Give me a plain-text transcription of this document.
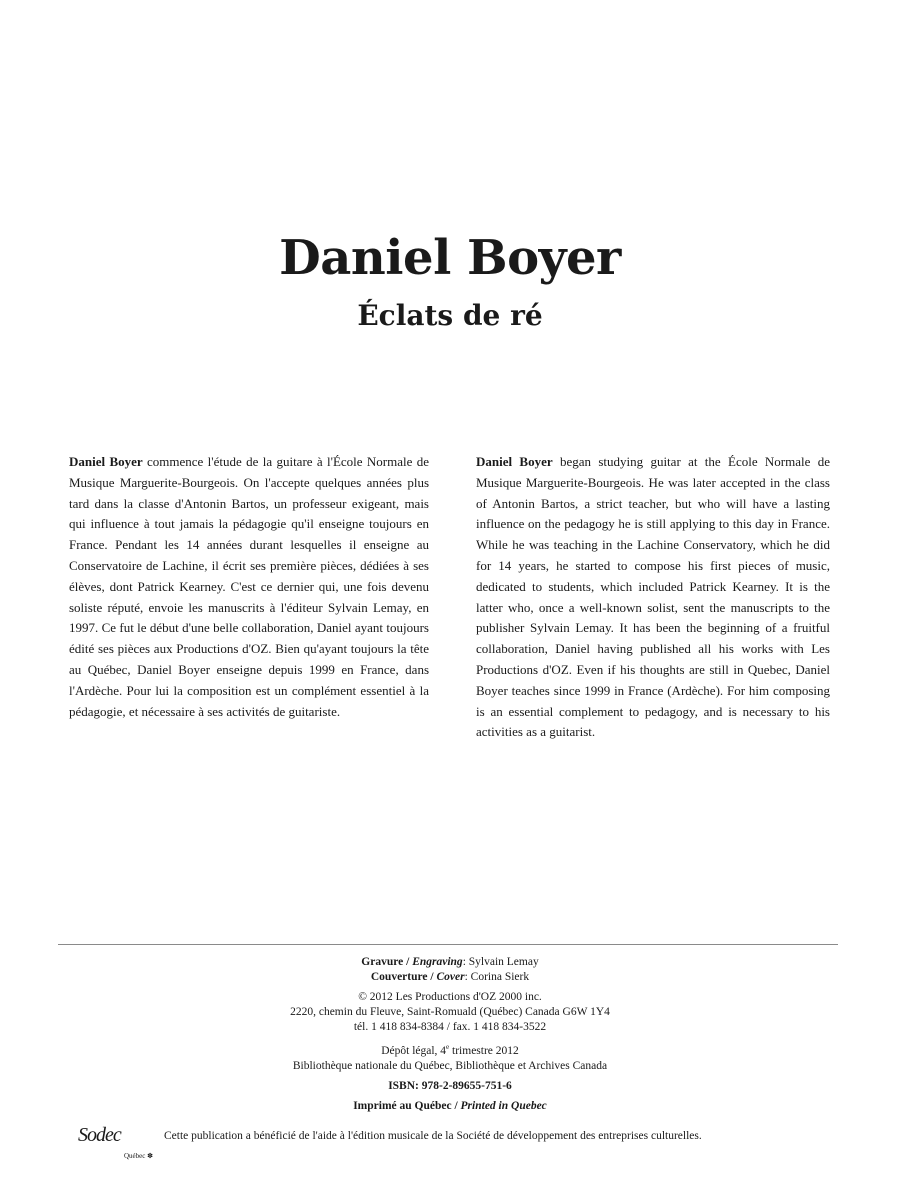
Daniel Boyer
Éclats de ré
Daniel Boyer commence l'étude de la guitare à l'École Normale de Musique Marguerite-Bourgeois. On l'accepte quelques années plus tard dans la classe d'Antonin Bartos, un professeur exigeant, mais qui influence à tout jamais la pédagogie qu'il enseigne toujours en France. Pendant les 14 années durant lesquelles il enseigne au Conservatoire de Lachine, il écrit ses première pièces, dédiées à ses élèves, dont Patrick Kearney. C'est ce dernier qui, une fois devenu soliste réputé, envoie les manuscrits à l'éditeur Sylvain Lemay, en 1997. Ce fut le début d'une belle collaboration, Daniel ayant toujours édité ses pièces aux Productions d'OZ. Bien qu'ayant toujours la tête au Québec, Daniel Boyer enseigne depuis 1999 en France, dans l'Ardèche. Pour lui la composition est un complément essentiel à la pédagogie, et nécessaire à ses activités de guitariste.
Daniel Boyer began studying guitar at the École Normale de Musique Marguerite-Bourgeois. He was later accepted in the class of Antonin Bartos, a strict teacher, but who will have a lasting influence on the pedagogy he is still applying to this day in France. While he was teaching in the Lachine Conservatory, which he did for 14 years, he started to compose his first pieces of music, dedicated to students, which included Patrick Kearney. It is the latter who, once a well-known solist, sent the manuscripts to the publisher Sylvain Lemay. It has been the beginning of a fruitful collaboration, Daniel having published all his works with Les Productions d'OZ. Even if his thoughts are still in Quebec, Daniel Boyer teaches since 1999 in France (Ardèche). For him composing is an essential complement to pedagogy, and is necessary to his activities as a guitarist.
Gravure / Engraving: Sylvain Lemay
Couverture / Cover: Corina Sierk
© 2012 Les Productions d'OZ 2000 inc.
2220, chemin du Fleuve, Saint-Romuald (Québec) Canada G6W 1Y4
tél. 1 418 834-8384 / fax. 1 418 834-3522
Dépôt légal, 4e trimestre 2012
Bibliothèque nationale du Québec, Bibliothèque et Archives Canada
ISBN: 978-2-89655-751-6
Imprimé au Québec / Printed in Quebec
Sodec
Québec ✽
Cette publication a bénéficié de l'aide à l'édition musicale de la Société de développement des entreprises culturelles.
